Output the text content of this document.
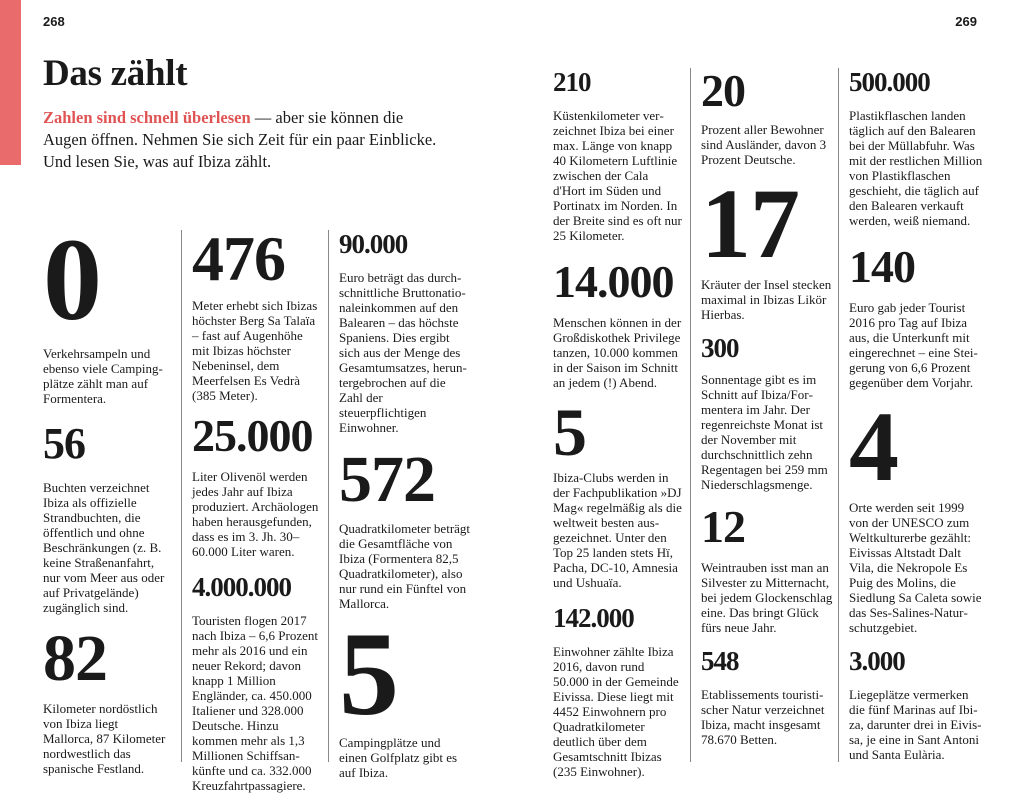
268	269
Das zählt
Zahlen sind schnell überlesen — aber sie können die Augen öffnen. Nehmen Sie sich Zeit für ein paar Einblicke. Und lesen Sie, was auf Ibiza zählt.
0

Verkehrsampeln und ebenso viele Campingplätze zählt man auf Formentera.

56

Buchten verzeichnet Ibiza als offizielle Strandbuchten, die öffentlich und ohne Beschränkungen (z. B. keine Straßenanfahrt, nur vom Meer aus oder auf Privatgelände) zugänglich sind.

82

Kilometer nordöstlich von Ibiza liegt Mallorca, 87 Kilometer nordwestlich das spanische Festland.

476

Meter erhebt sich Ibizas höchster Berg Sa Talaïa – fast auf Augenhöhe mit Ibizas höchster Nebeninsel, dem Meerfelsen Es Vedrà (385 Meter).

25.000

Liter Olivenöl werden jedes Jahr auf Ibiza produziert. Archäologen haben herausgefunden, dass es im 3. Jh. 30–60.000 Liter waren.

4.000.000

Touristen flogen 2017 nach Ibiza – 6,6 Prozent mehr als 2016 und ein neuer Rekord; davon knapp 1 Million Engländer, ca. 450.000 Italiener und 328.000 Deutsche. Hinzu kommen mehr als 1,3 Millionen Schiffsankünfte und ca. 332.000 Kreuzfahrtpassagiere.

90.000

Euro beträgt das durchschnittliche Bruttonationaleinkommen auf den Balearen – das höchste Spaniens. Dies ergibt sich aus der Menge des Gesamtumsatzes, heruntergebrochen auf die Zahl der steuerpflichtigen Einwohner.

572

Quadratkilometer beträgt die Gesamtfläche von Ibiza (Formentera 82,5 Quadratkilometer), also nur rund ein Fünftel von Mallorca.

5

Campingplätze und einen Golfplatz gibt es auf Ibiza.

210

Küstenkilometer verzeichnet Ibiza bei einer max. Länge von knapp 40 Kilometern Luftlinie zwischen der Cala d'Hort im Süden und Portinatx im Norden. In der Breite sind es oft nur 25 Kilometer.

14.000

Menschen können in der Großdiskothek Privilege tanzen, 10.000 kommen in der Saison im Schnitt an jedem (!) Abend.

5

Ibiza-Clubs werden in der Fachpublikation »DJ Mag« regelmäßig als die weltweit besten ausgezeichnet. Unter den Top 25 landen stets Hï, Pacha, DC-10, Amnesia und Ushuaïa.

142.000

Einwohner zählte Ibiza 2016, davon rund 50.000 in der Gemeinde Eivissa. Diese liegt mit 4452 Einwohnern pro Quadratkilometer deutlich über dem Gesamtschnitt Ibizas (235 Einwohner).

20

Prozent aller Bewohner sind Ausländer, davon 3 Prozent Deutsche.

17

Kräuter der Insel stecken maximal in Ibizas Likör Hierbas.

300

Sonnentage gibt es im Schnitt auf Ibiza/Formentera im Jahr. Der regenreichste Monat ist der November mit durchschnittlich zehn Regentagen bei 259 mm Niederschlagsmenge.

12

Weintrauben isst man an Silvester zu Mitternacht, bei jedem Glockenschlag eine. Das bringt Glück fürs neue Jahr.

548

Etablissements touristischer Natur verzeichnet Ibiza, macht insgesamt 78.670 Betten.

500.000

Plastikflaschen landen täglich auf den Balearen bei der Müllabfuhr. Was mit der restlichen Million von Plastikflaschen geschieht, die täglich auf den Balearen verkauft werden, weiß niemand.

140

Euro gab jeder Tourist 2016 pro Tag auf Ibiza aus, die Unterkunft mit eingerechnet – eine Steigerung von 6,6 Prozent gegenüber dem Vorjahr.

4

Orte werden seit 1999 von der UNESCO zum Weltkulturerbe gezählt: Eivissas Altstadt Dalt Vila, die Nekropole Es Puig des Molins, die Siedlung Sa Caleta sowie das Ses-Salines-Naturschutzgebiet.

3.000

Liegeplätze vermerken die fünf Marinas auf Ibiza, darunter drei in Eivissa, je eine in Sant Antoni und Santa Eulària.
